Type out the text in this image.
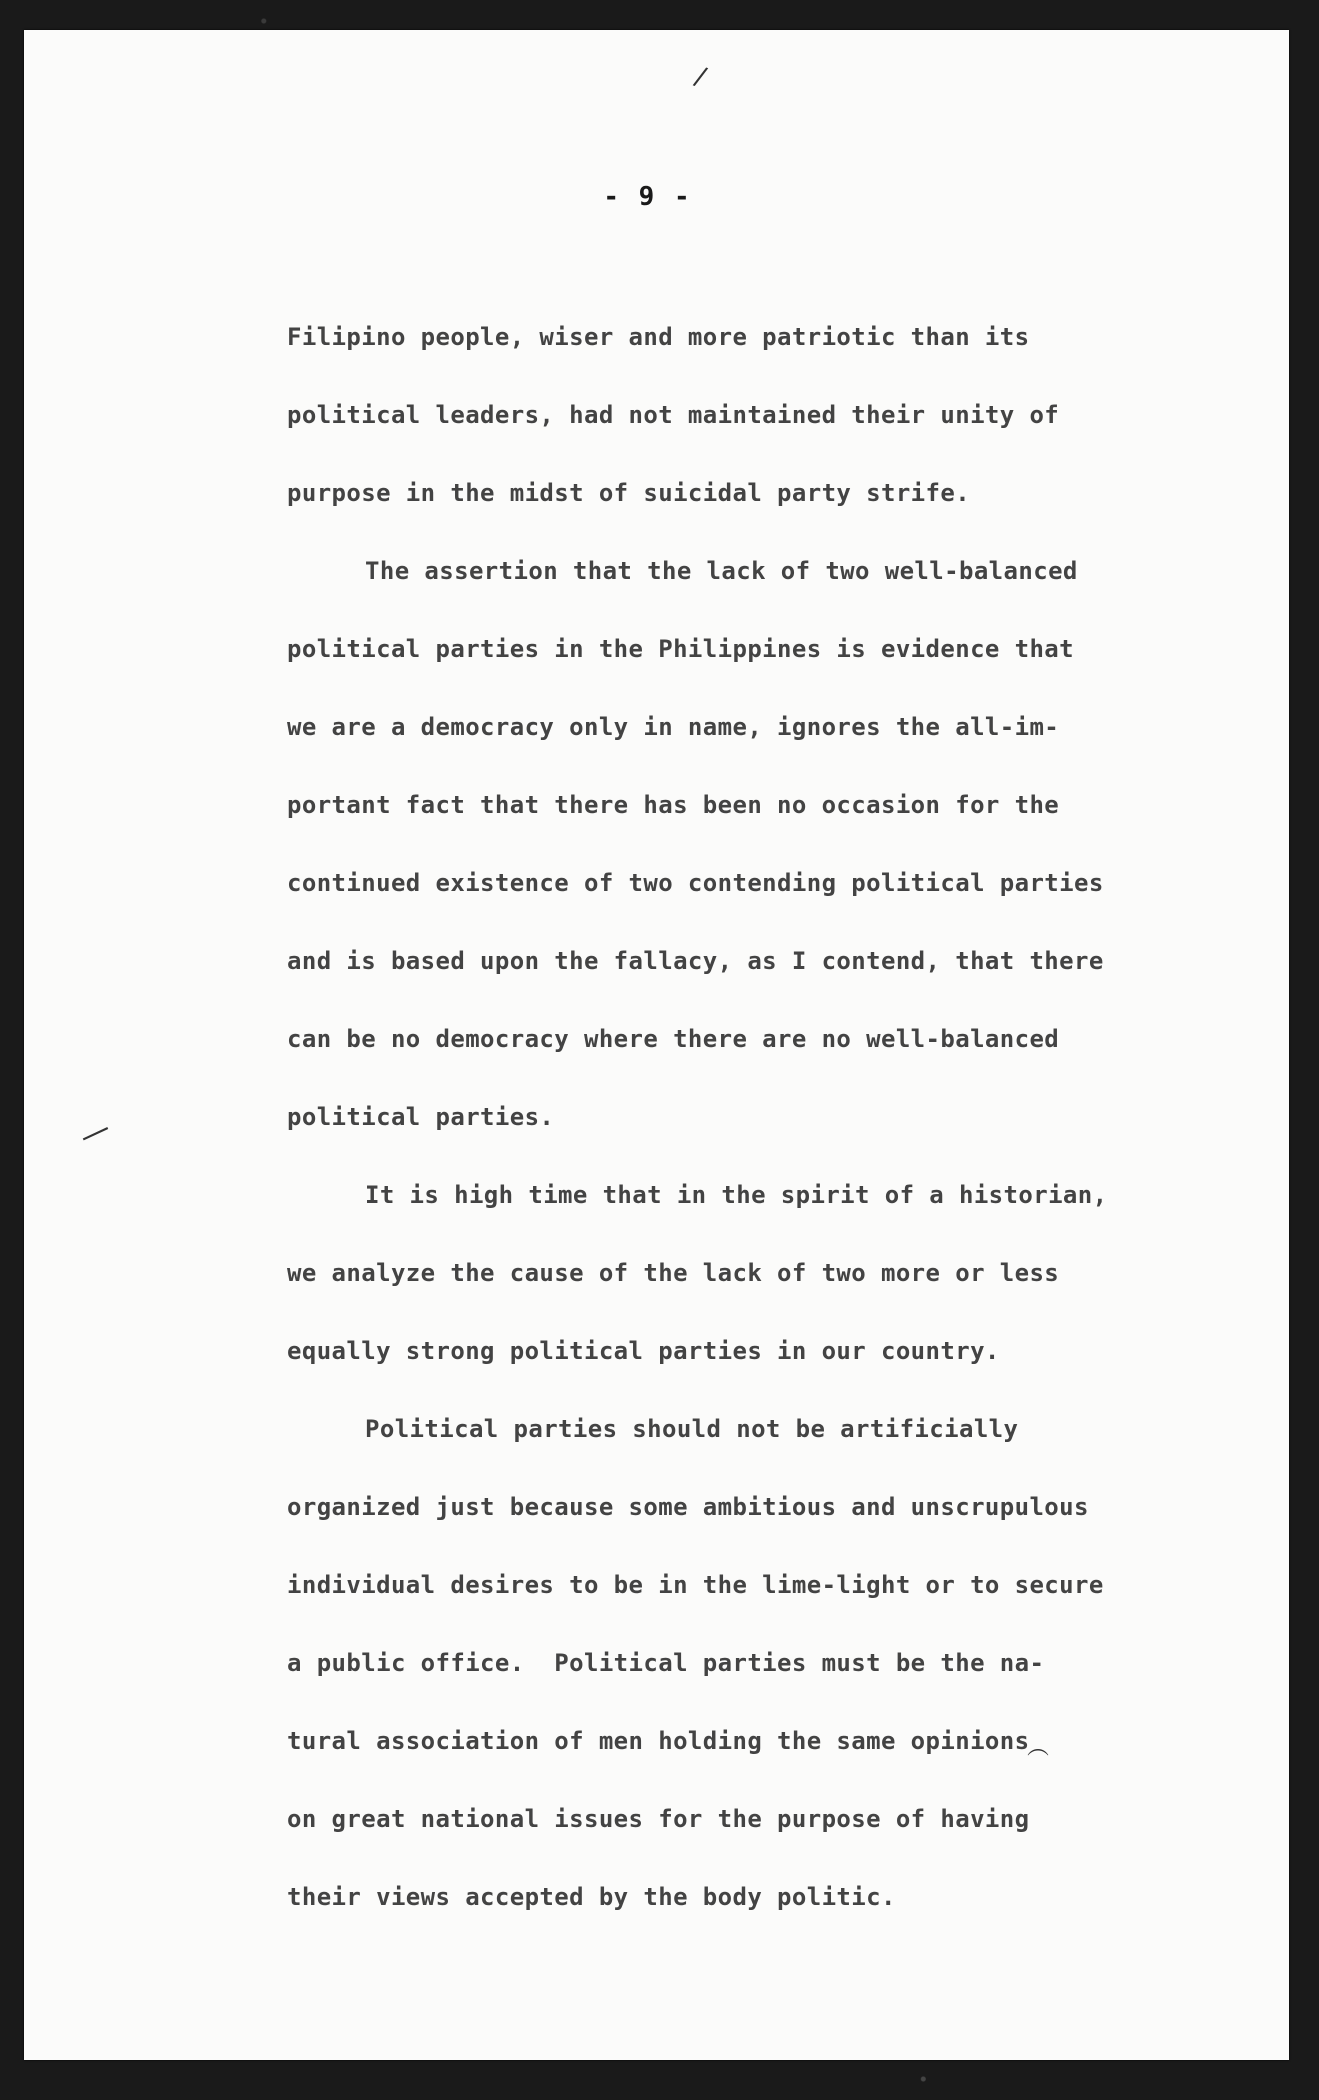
- 9 -
/
—
︵
Filipino people, wiser and more patriotic than its
political leaders, had not maintained their unity of
purpose in the midst of suicidal party strife.
The assertion that the lack of two well-balanced
political parties in the Philippines is evidence that
we are a democracy only in name, ignores the all-im-
portant fact that there has been no occasion for the
continued existence of two contending political parties
and is based upon the fallacy, as I contend, that there
can be no democracy where there are no well-balanced
political parties.
It is high time that in the spirit of a historian,
we analyze the cause of the lack of two more or less
equally strong political parties in our country.
Political parties should not be artificially
organized just because some ambitious and unscrupulous
individual desires to be in the lime-light or to secure
a public office.  Political parties must be the na-
tural association of men holding the same opinions
on great national issues for the purpose of having
their views accepted by the body politic.
